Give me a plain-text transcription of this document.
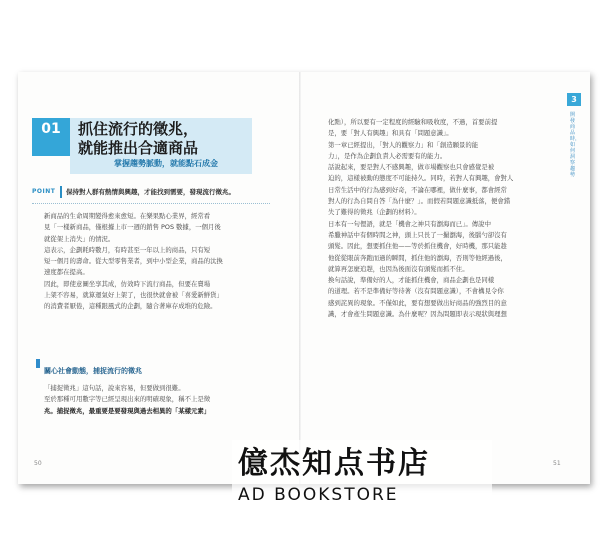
01	抓住流行的徵兆，
就能推出合適商品
掌握趨勢脈動，就能點石成金
POINT 保持對人群有熱情與興趣，才能找到需要，發現流行徵兆。
新商品的生命周期變得愈來愈短。在樂果點心業界，經常看
見「一樣新商品，僅根據上市一週的銷售 POS 數據，一個月後
就從架上消失」的情況。
這表示，企劃耗時數月，有時甚至一年以上的商品，只有短
短一個月的壽命。從大型零售業者，到中小型企業，商品的汰換
速度都在提高。
因此，即使意圖坐享其成，仿效時下流行商品，但要在賣場
上架不容易，就算運氣好上架了，也很快就會被「喜愛新鮮貨」
的消費者厭倦，這種跟風式的企劃，隨合著庫存成堆的危險。
關心社會動態，捕捉流行的徵兆
「捕捉徵兆」這句話，說來容易，但要做到很難。
至於那種可用數字等已經呈現出來的明確現象，稱不上是徵
兆。捕捉徵兆，最重要是要發現與過去相異的「某樣元素」
50
化點），所以要有一定程度的經驗和吸收度，不過，首要前提
是，要「對人有興趣」和具有「問題意識」。
第一章已經提出，「對人的觀察力」和「創造願景的能
力」，是作為企劃負責人必需要有的能力。
話說起來，要是對人不感興趣，做市場觀察也只會感覺是被
迫的，這樣被動的態度不可能持久。同時，若對人有興趣，會對人
日常生活中的行為感到好奇，不論在哪裡，做什麼事，都會經常
對人的行為自問自答「為什麼？」。而假若問題意識抵落，便會錯
失了難得的徵兆（企劃的材料）。
日本有一句俚語，就是「機會之神只有瀏海而已」。傳說中
希臘神話中有個時間之神，頭上只長了一撮瀏海，後腦勺卻沒有
頭髮。因此，想要抓住他——等於抓住機會，好時機，那只能趁
他從從眼前奔跑而過的瞬間，抓住他的瀏海，否則等他經過後，
就算再怎麼追趕，也因為後面沒有頭髮而抓不住。
換句話說，準備好的人，才能抓住機會，商品企劃也是同樣
的道理。若不是準備好等待著（沒有問題意識），不會構見令你
感到詫異的現象。不僅如此，要有想要做出好商品的強烈目的意
識，才會產生問題意識。為什麼呢？因為問題即表示現狀與理想
3
開發商品時，如何洞察趨勢
51
億杰知点书店
AD BOOKSTORE
